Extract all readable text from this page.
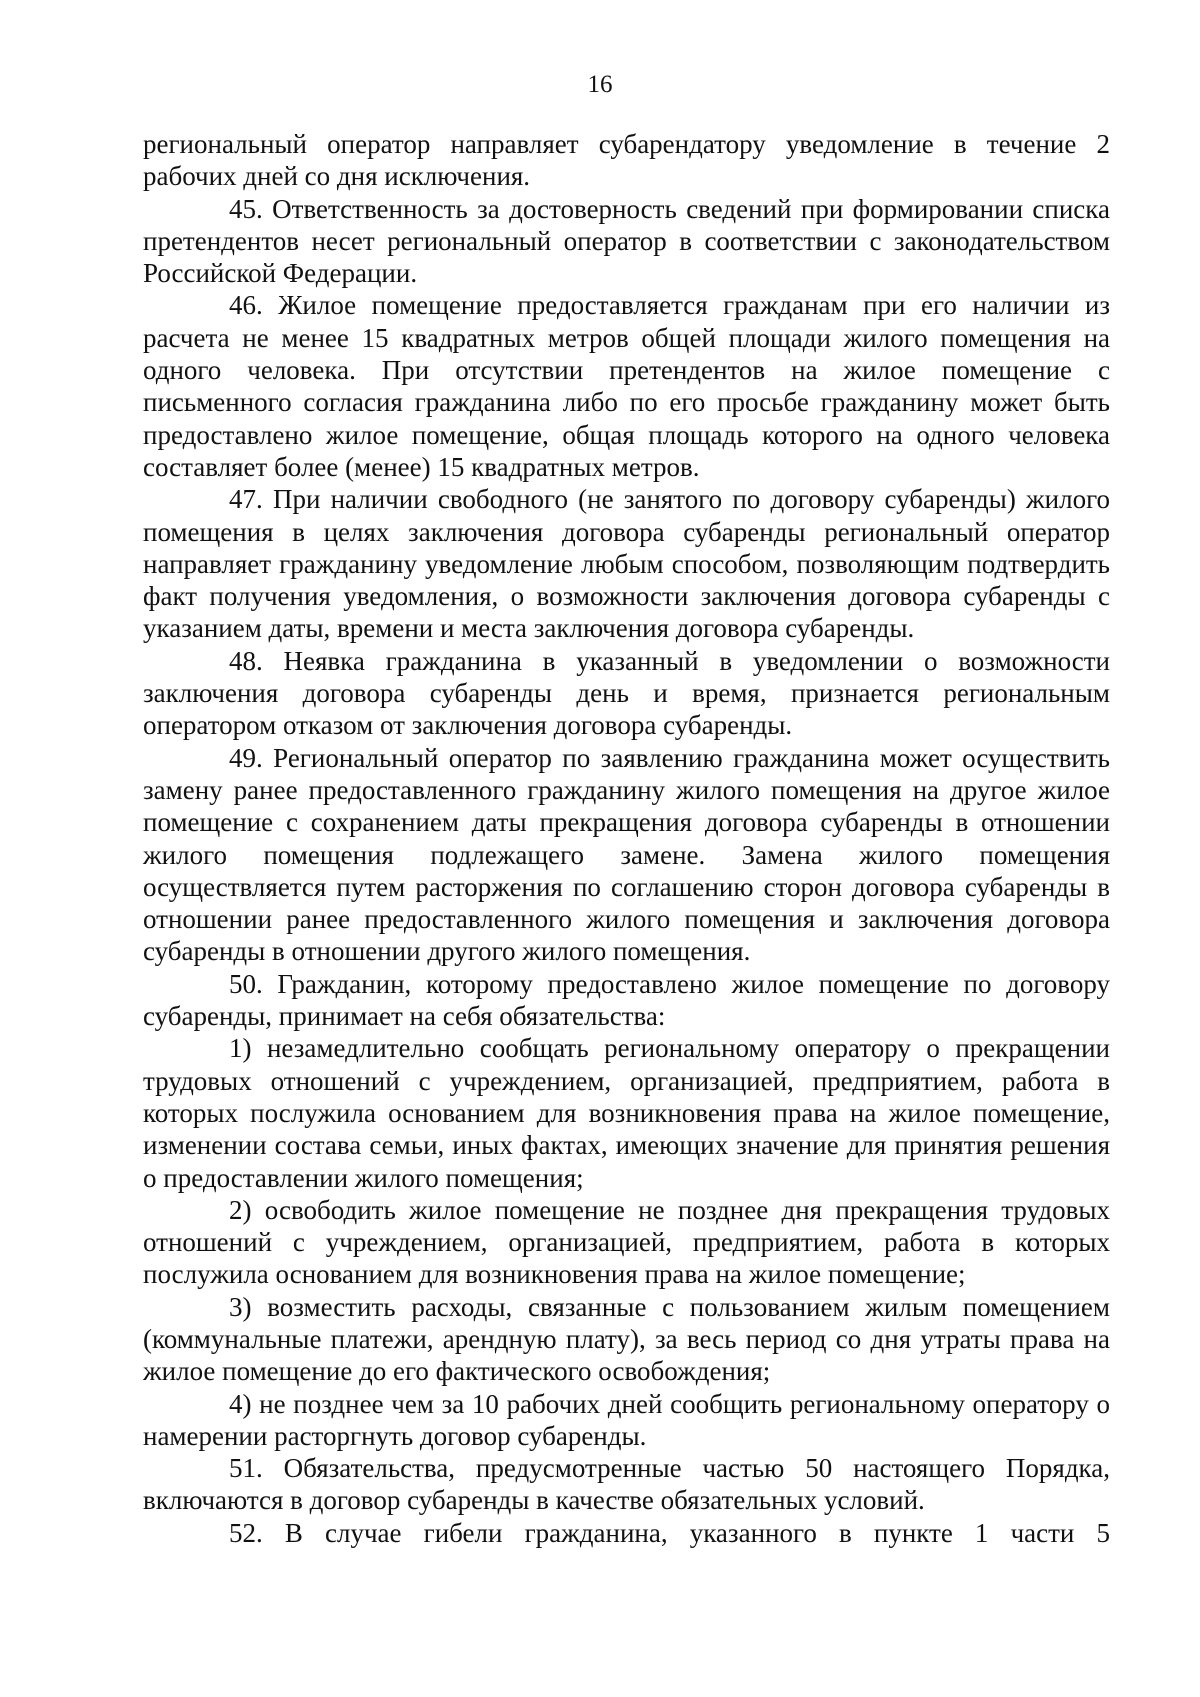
16

региональный оператор направляет субарендатору уведомление в течение 2 рабочих дней со дня исключения.

45. Ответственность за достоверность сведений при формировании списка претендентов несет региональный оператор в соответствии с законодательством Российской Федерации.

46. Жилое помещение предоставляется гражданам при его наличии из расчета не менее 15 квадратных метров общей площади жилого помещения на одного человека. При отсутствии претендентов на жилое помещение с письменного согласия гражданина либо по его просьбе гражданину может быть предоставлено жилое помещение, общая площадь которого на одного человека составляет более (менее) 15 квадратных метров.

47. При наличии свободного (не занятого по договору субаренды) жилого помещения в целях заключения договора субаренды региональный оператор направляет гражданину уведомление любым способом, позволяющим подтвердить факт получения уведомления, о возможности заключения договора субаренды с указанием даты, времени и места заключения договора субаренды.

48. Неявка гражданина в указанный в уведомлении о возможности заключения договора субаренды день и время, признается региональным оператором отказом от заключения договора субаренды.

49. Региональный оператор по заявлению гражданина может осуществить замену ранее предоставленного гражданину жилого помещения на другое жилое помещение с сохранением даты прекращения договора субаренды в отношении жилого помещения подлежащего замене. Замена жилого помещения осуществляется путем расторжения по соглашению сторон договора субаренды в отношении ранее предоставленного жилого помещения и заключения договора субаренды в отношении другого жилого помещения.

50. Гражданин, которому предоставлено жилое помещение по договору субаренды, принимает на себя обязательства:

1) незамедлительно сообщать региональному оператору о прекращении трудовых отношений с учреждением, организацией, предприятием, работа в которых послужила основанием для возникновения права на жилое помещение, изменении состава семьи, иных фактах, имеющих значение для принятия решения о предоставлении жилого помещения;

2) освободить жилое помещение не позднее дня прекращения трудовых отношений с учреждением, организацией, предприятием, работа в которых послужила основанием для возникновения права на жилое помещение;

3) возместить расходы, связанные с пользованием жилым помещением (коммунальные платежи, арендную плату), за весь период со дня утраты права на жилое помещение до его фактического освобождения;

4) не позднее чем за 10 рабочих дней сообщить региональному оператору о намерении расторгнуть договор субаренды.

51. Обязательства, предусмотренные частью 50 настоящего Порядка, включаются в договор субаренды в качестве обязательных условий.

52. В случае гибели гражданина, указанного в пункте 1 части 5
